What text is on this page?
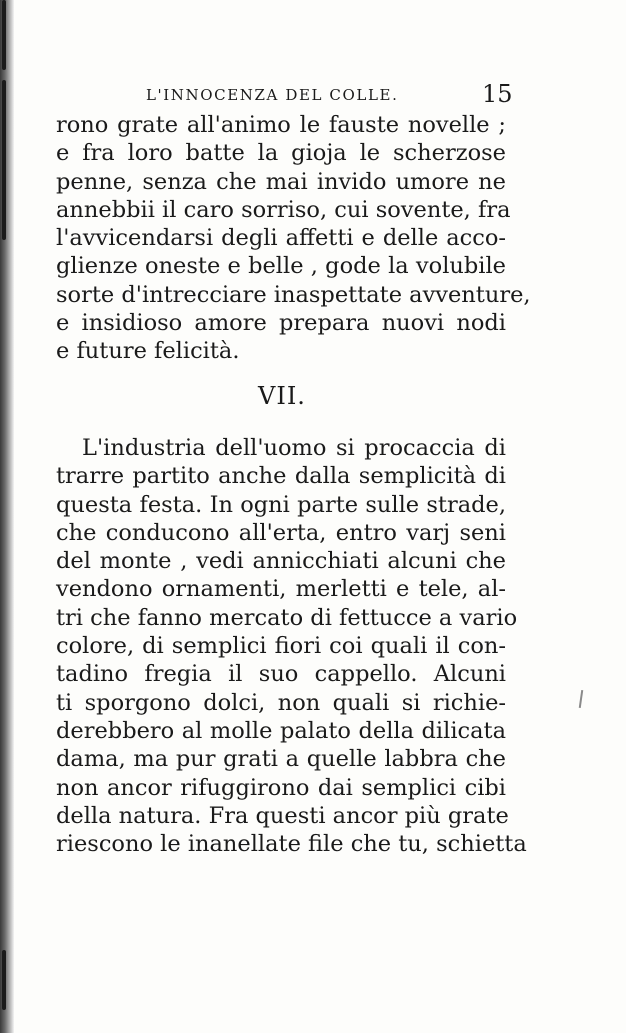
L'INNOCENZA DEL COLLE.	15
rono grate all'animo le fauste novelle ;
e fra loro batte la gioja le scherzose
penne, senza che mai invido umore ne
annebbii il caro sorriso, cui sovente, fra
l'avvicendarsi degli affetti e delle acco-
glienze oneste e belle , gode la volubile
sorte d'intrecciare inaspettate avventure,
e insidioso amore prepara nuovi nodi
e future felicità.
VII.
L'industria dell'uomo si procaccia di
trarre partito anche dalla semplicità di
questa festa. In ogni parte sulle strade,
che conducono all'erta, entro varj seni
del monte , vedi annicchiati alcuni che
vendono ornamenti, merletti e tele, al-
tri che fanno mercato di fettucce a vario
colore, di semplici fiori coi quali il con-
tadino fregia il suo cappello. Alcuni
ti sporgono dolci, non quali si richie-
derebbero al molle palato della dilicata
dama, ma pur grati a quelle labbra che
non ancor rifuggirono dai semplici cibi
della natura. Fra questi ancor più grate
riescono le inanellate file che tu, schietta
